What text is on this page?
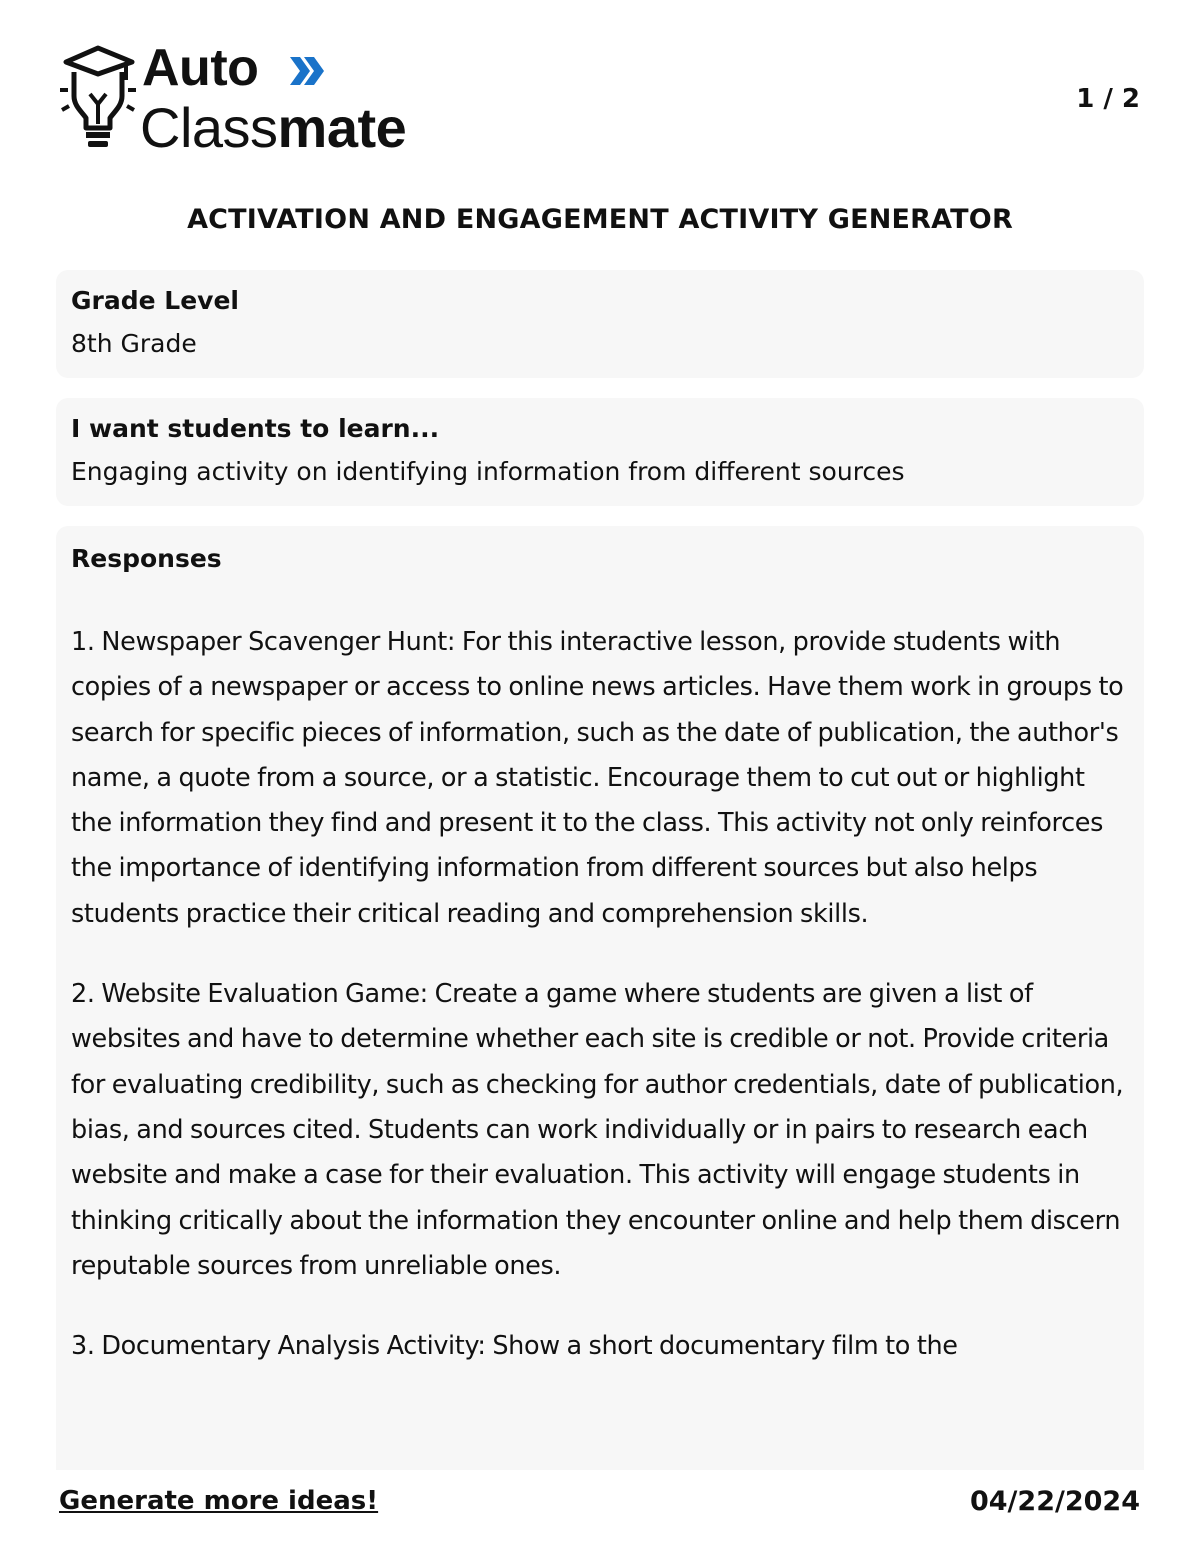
Auto
Classmate	1 / 2
ACTIVATION AND ENGAGEMENT ACTIVITY GENERATOR
Grade Level
8th Grade
I want students to learn...
Engaging activity on identifying information from different sources
Responses

1. Newspaper Scavenger Hunt: For this interactive lesson, provide students with copies of a newspaper or access to online news articles. Have them work in groups to search for specific pieces of information, such as the date of publication, the author's name, a quote from a source, or a statistic. Encourage them to cut out or highlight the information they find and present it to the class. This activity not only reinforces the importance of identifying information from different sources but also helps students practice their critical reading and comprehension skills.

2. Website Evaluation Game: Create a game where students are given a list of websites and have to determine whether each site is credible or not. Provide criteria for evaluating credibility, such as checking for author credentials, date of publication, bias, and sources cited. Students can work individually or in pairs to research each website and make a case for their evaluation. This activity will engage students in thinking critically about the information they encounter online and help them discern reputable sources from unreliable ones.

3. Documentary Analysis Activity: Show a short documentary film to the

Generate more ideas!	04/22/2024
